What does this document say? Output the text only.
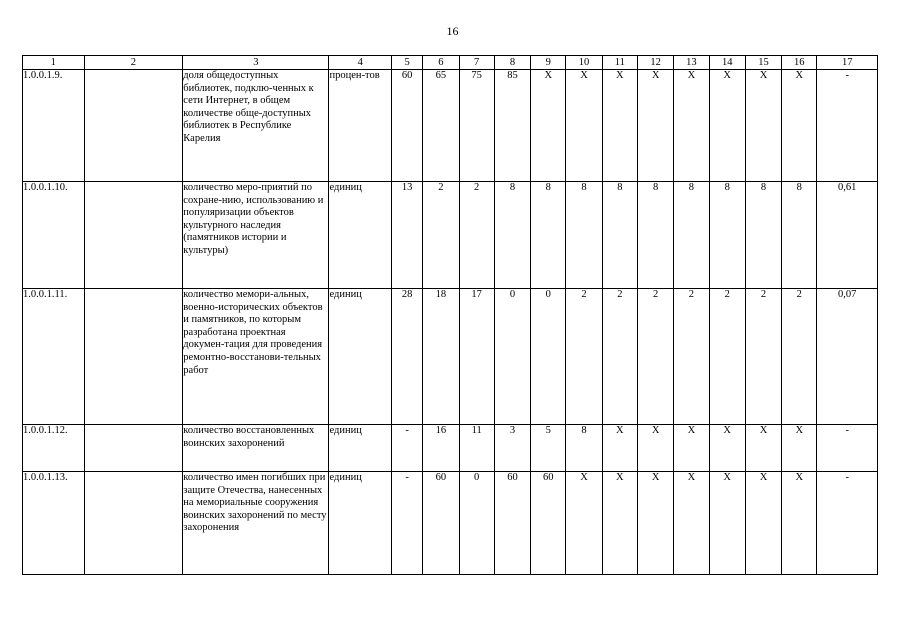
16
1	2	3	4	5	6	7	8	9	10	11	12	13	14	15	16	17
1.0.0.1.9.		доля общедоступных библиотек, подклю-ченных к сети Интернет, в общем количестве обще-доступных библиотек в Республике Карелия	процен-тов	60	65	75	85	X	X	X	X	X	X	X	X	-
1.0.0.1.10.		количество меро-приятий по сохране-нию, использованию и популяризации объектов культурного наследия (памятников истории и культуры)	единиц	13	2	2	8	8	8	8	8	8	8	8	8	0,61
1.0.0.1.11.		количество мемори-альных, военно-исторических объектов и памятников, по которым разработана проектная докумен-тация для проведения ремонтно-восстанови-тельных работ	единиц	28	18	17	0	0	2	2	2	2	2	2	2	0,07
1.0.0.1.12.		количество восстановленных воинских захоронений	единиц	-	16	11	3	5	8	X	X	X	X	X	X	-
1.0.0.1.13.		количество имен погибших при защите Отечества, нанесенных на мемориальные сооружения воинских захоронений по месту захоронения	единиц	-	60	0	60	60	X	X	X	X	X	X	X	-
